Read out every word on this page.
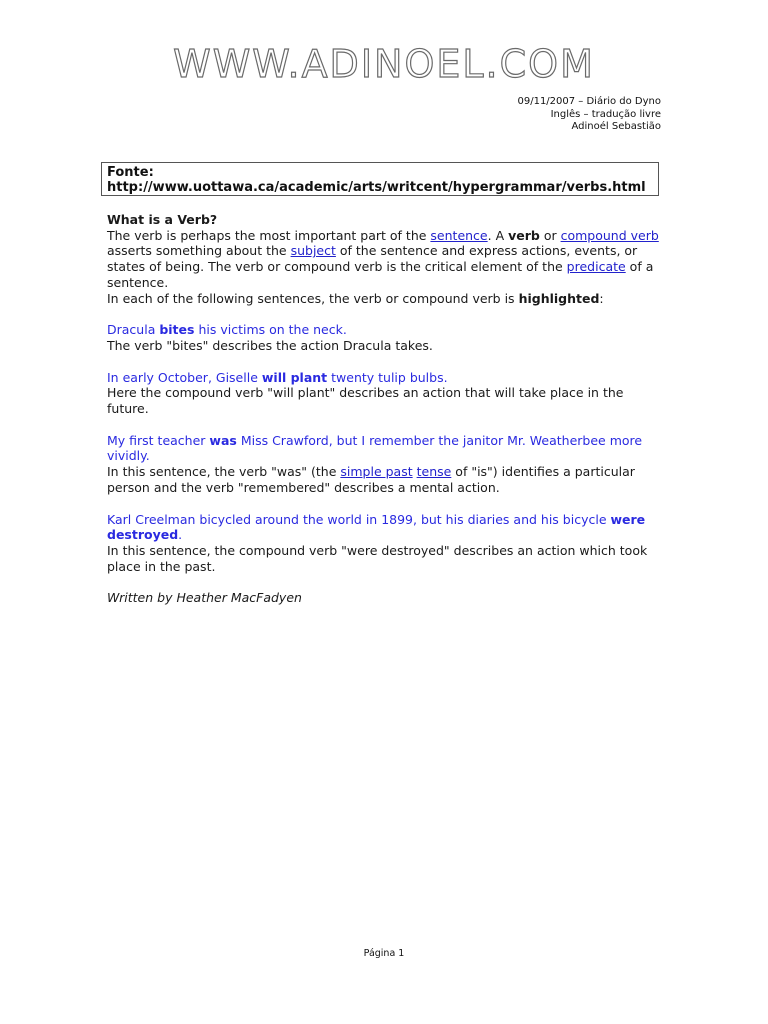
WWW.ADINOEL.COM
09/11/2007 – Diário do Dyno
Inglês – tradução livre
Adinoél Sebastião
Fonte:
http://www.uottawa.ca/academic/arts/writcent/hypergrammar/verbs.html

What is a Verb?

The verb is perhaps the most important part of the sentence. A verb or compound verb asserts something about the subject of the sentence and express actions, events, or states of being. The verb or compound verb is the critical element of the predicate of a sentence.

In each of the following sentences, the verb or compound verb is highlighted:

Dracula bites his victims on the neck.

The verb "bites" describes the action Dracula takes.

In early October, Giselle will plant twenty tulip bulbs.

Here the compound verb "will plant" describes an action that will take place in the future.

My first teacher was Miss Crawford, but I remember the janitor Mr. Weatherbee more vividly.

In this sentence, the verb "was" (the simple past tense of "is") identifies a particular person and the verb "remembered" describes a mental action.

Karl Creelman bicycled around the world in 1899, but his diaries and his bicycle were destroyed.

In this sentence, the compound verb "were destroyed" describes an action which took place in the past.

Written by Heather MacFadyen

Página 1
